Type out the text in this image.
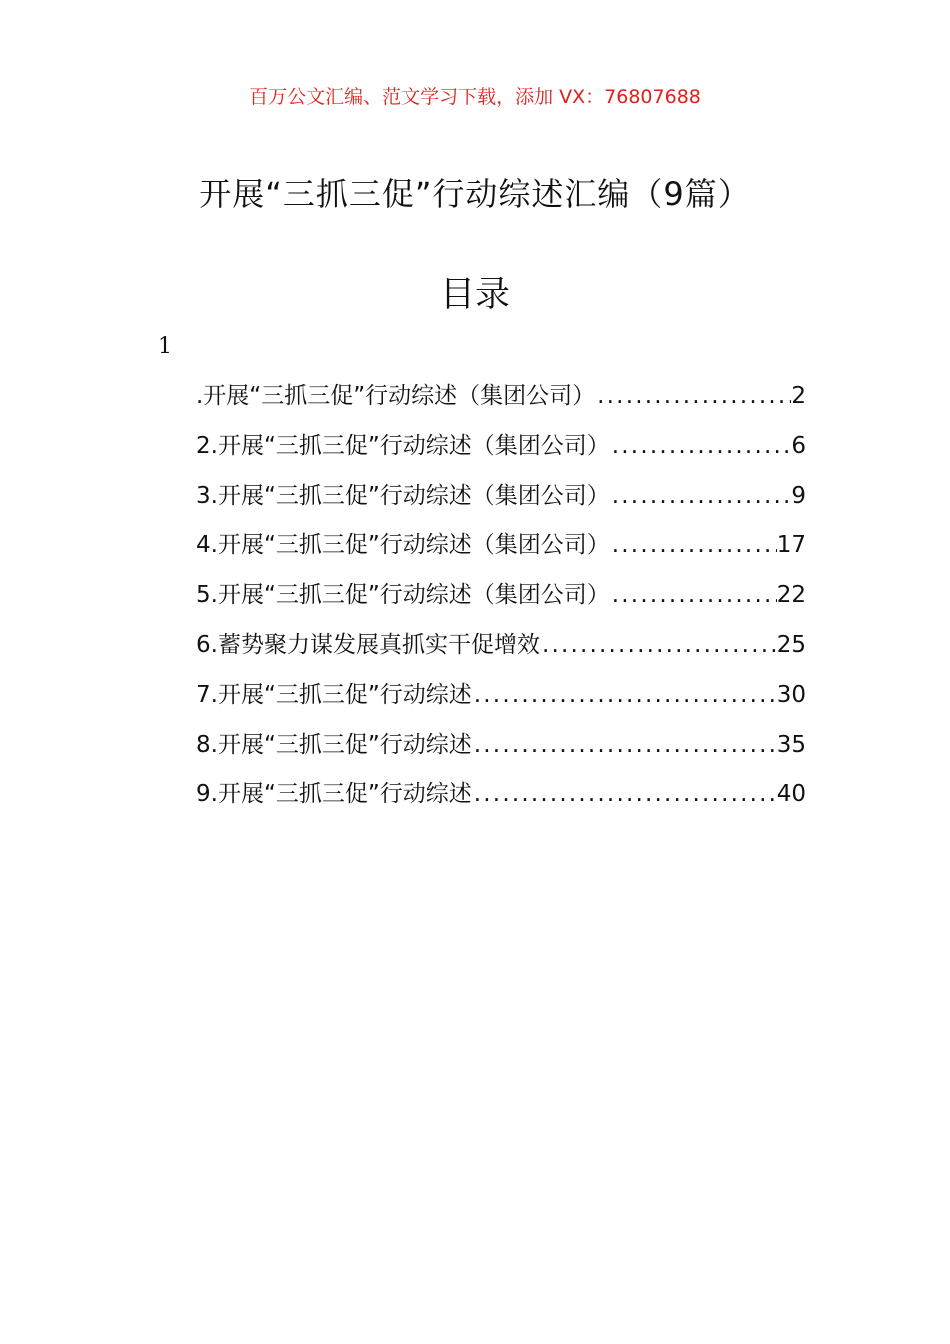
百万公文汇编、范文学习下载，添加 VX：76807688
开展“三抓三促”行动综述汇编（9篇）
目录
1
.开展“三抓三促”行动综述（集团公司） .....	2
2.开展“三抓三促”行动综述（集团公司） .....	6
3.开展“三抓三促”行动综述（集团公司） .....	9
4.开展“三抓三促”行动综述（集团公司） .....	17
5.开展“三抓三促”行动综述（集团公司） .....	22
6.蓄势聚力谋发展真抓实干促增效 .....	25
7.开展“三抓三促”行动综述 .....	30
8.开展“三抓三促”行动综述 .....	35
9.开展“三抓三促”行动综述 .....	40
